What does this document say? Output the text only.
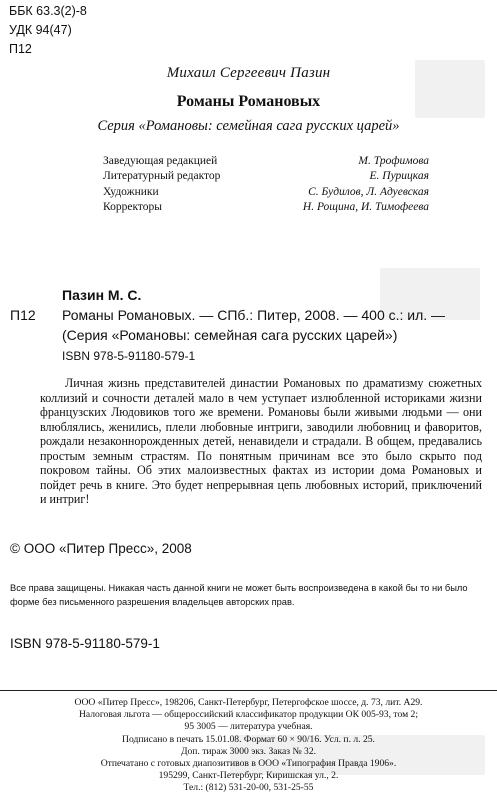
ББК 63.3(2)-8
УДК 94(47)
П12
Михаил Сергеевич Пазин
Романы Романовых
Серия «Романовы: семейная сага русских царей»
Заведующая редакцией	М. Трофимова
Литературный редактор	Е. Пурицкая
Художники	С. Будилов, Л. Адуевская
Корректоры	Н. Рощина, И. Тимофеева
Пазин М. С.
П12 Романы Романовых. — СПб.: Питер, 2008. — 400 с.: ил. —
(Серия «Романовы: семейная сага русских царей»)
ISBN 978-5-91180-579-1

Личная жизнь представителей династии Романовых по драматизму сюжетных коллизий и сочности деталей мало в чем уступает излюбленной историками жизни французских Людовиков того же времени. Романовы были живыми людьми — они влюблялись, женились, плели любовные интриги, заводили любовниц и фаворитов, рождали незаконнорожденных детей, ненавидели и страдали. В общем, предавались простым земным страстям. По понятным причинам все это было скрыто под покровом тайны. Об этих малоизвестных фактах из истории дома Романовых и пойдет речь в книге. Это будет непрерывная цепь любовных историй, приключений и интриг!

© ООО «Питер Пресс», 2008
Все права защищены. Никакая часть данной книги не может быть воспроизведена в какой бы то ни было форме без письменного разрешения владельцев авторских прав.
ISBN 978-5-91180-579-1
ООО «Питер Пресс», 198206, Санкт-Петербург, Петергофское шоссе, д. 73, лит. А29.
Налоговая льгота — общероссийский классификатор продукции ОК 005-93, том 2;
95 3005 — литература учебная.
Подписано в печать 15.01.08. Формат 60 × 90/16. Усл. п. л. 25.
Доп. тираж 3000 экз. Заказ № 32.
Отпечатано с готовых диапозитивов в ООО «Типография Правда 1906».
195299, Санкт-Петербург, Киришская ул., 2.
Тел.: (812) 531-20-00, 531-25-55
